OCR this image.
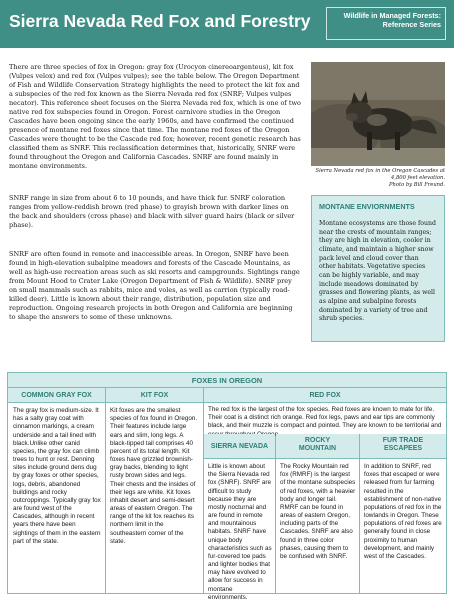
Sierra Nevada Red Fox and Forestry	Wildlife in Managed Forests:
Reference Series

There are three species of fox in Oregon: gray fox (Urocyon cinereoargenteus), kit fox (Vulpes velox) and red fox (Vulpes vulpes); see the table below. The Oregon Department of Fish and Wildlife Conservation Strategy highlights the need to protect the kit fox and a subspecies of the red fox known as the Sierra Nevada red fox (SNRF; Vulpes vulpes necator). This reference sheet focuses on the Sierra Nevada red fox, which is one of two native red fox subspecies found in Oregon. Forest carnivore studies in the Oregon Cascades have been ongoing since the early 1960s, and have confirmed the continued presence of montane red foxes since that time. The montane red foxes of the Oregon Cascades were thought to be the Cascade red fox; however, recent genetic research has classified them as SNRF. This reclassification determines that, historically, SNRF were found throughout the Oregon and California Cascades. SNRF are found mainly in montane environments.

SNRF range in size from about 6 to 10 pounds, and have thick fur. SNRF coloration ranges from yellow-reddish brown (red phase) to grayish brown with darker lines on the back and shoulders (cross phase) and black with silver guard hairs (black or silver phase).

SNRF are often found in remote and inaccessible areas. In Oregon, SNRF have been found in high-elevation subalpine meadows and forests of the Cascade Mountains, as well as high-use recreation areas such as ski resorts and campgrounds. Sightings range from Mount Hood to Crater Lake (Oregon Department of Fish & Wildlife). SNRF prey on small mammals such as rabbits, mice and voles, as well as carrion (typically road-killed deer). Little is known about their range, distribution, population size and reproduction. Ongoing research projects in both Oregon and California are beginning to shape the answers to some of these unknowns.

Sierra Nevada red fox in the Oregon Cascades at 4,800 feet elevation.
Photo by Bill Freund.
MONTANE ENVIORNMENTS

Montane ecosystems are those found near the crests of mountain ranges; they are high in elevation, cooler in climate, and maintain a higher snow pack level and cloud cover than other habitats. Vegetative species can be highly variable, and may include meadows dominated by grasses and flowering plants, as well as alpine and subalpine forests dominated by a variety of tree and shrub species.

FOXES IN OREGON
COMMON GRAY FOX
The gray fox is medium-size. It has a salty gray coat with cinnamon markings, a cream underside and a tail lined with black.Unlike other canid species, the gray fox can climb trees to hunt or rest. Denning sites include ground dens dug by gray foxes or other species, logs, debris, abandoned buildings and rocky outcroppings. Typically gray fox are found west of the Cascades, although in recent years there have been sightings of them in the eastern part of the state.
KIT FOX
Kit foxes are the smallest species of fox found in Oregon. Their features include large ears and slim, long legs. A black-tipped tail comprises 40 percent of its total length. Kit foxes have grizzled brownish-gray backs, blending to light rusty brown sides and legs. Their chests and the insides of their legs are white. Kit foxes inhabit desert and semi-desert areas of eastern Oregon. The range of the kit fox reaches its northern limit in the southeastern corner of the state.
RED FOX
The red fox is the largest of the fox species. Red foxes are known to mate for life. Their coat is a distinct rich orange. Red fox legs, paws and ear tips are commonly black, and their muzzle is compact and pointed. They are known to be territorial and
SIERRA NEVADA
Little is known about the Sierra Nevada red fox (SNRF). SNRF are difficult to study because they are mostly nocturnal and are found in remote and mountainous habitats. SNRF have unique body characteristics such as fur-covered toe pads and lighter bodies that may have evolved to allow for success in montane environments.
ROCKY
MOUNTAIN
The Rocky Mountain red fox (RMRF) is the largest of the montane subspecies of red foxes, with a heavier body and longer tail. RMRF can be found in areas of eastern Oregon, including parts of the Cascades. SNRF are also found in three color phases, causing them to be confused with SNRF.
FUR TRADE
ESCAPEES
In addition to SNRF, red foxes that escaped or were released from fur farming resulted in the establishment of non-native populations of red fox in the lowlands in Oregon. These populations of red foxes are generally found in close proximity to human development, and mainly west of the Cascades.
